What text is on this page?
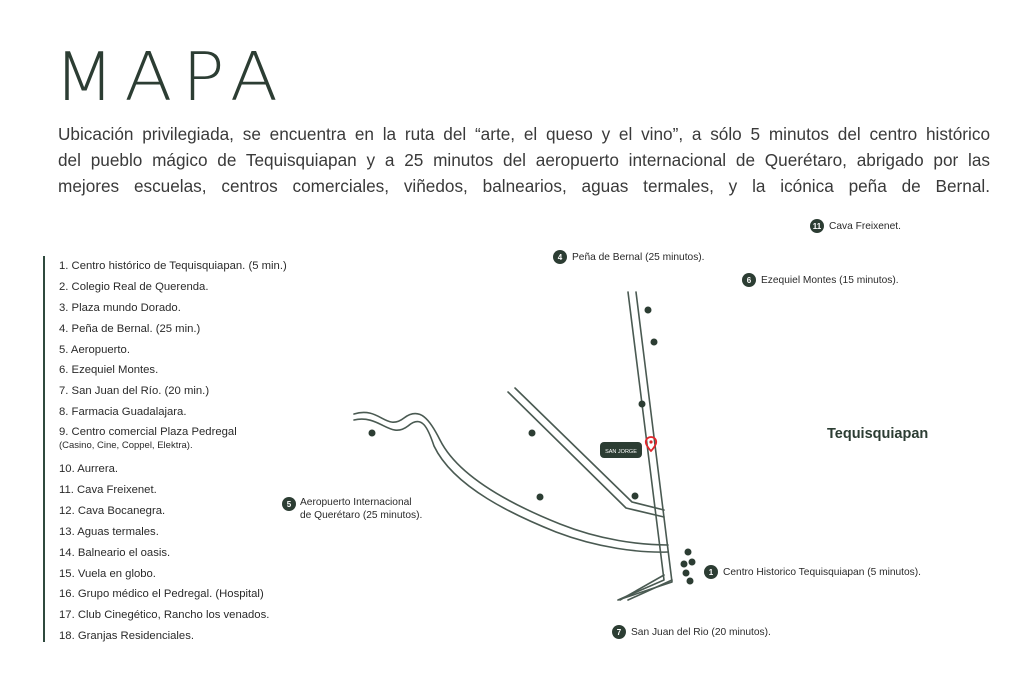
MAPA

Ubicación privilegiada, se encuentra en la ruta del “arte, el queso y el vino”, a sólo 5 minutos del centro histórico
del pueblo mágico de Tequisquiapan y a 25 minutos del aeropuerto internacional de Querétaro, abrigado por las
mejores escuelas, centros comerciales, viñedos, balnearios, aguas termales, y la icónica peña de Bernal.

1. Centro histórico de Tequisquiapan. (5 min.)
2. Colegio Real de Querenda.
3. Plaza mundo Dorado.
4. Peña de Bernal. (25 min.)
5. Aeropuerto.
6. Ezequiel Montes.
7. San Juan del Río. (20 min.)
8. Farmacia Guadalajara.
9. Centro comercial Plaza Pedregal
(Casino, Cine, Coppel, Elektra).
10. Aurrera.
11. Cava Freixenet.
12. Cava Bocanegra.
13. Aguas termales.
14. Balneario el oasis.
15. Vuela en globo.
16. Grupo médico el Pedregal. (Hospital)
17. Club Cinegético, Rancho los venados.
18. Granjas Residenciales.
SAN JORGE
11 Cava Freixenet.
4 Peña de Bernal (25 minutos).
6 Ezequiel Montes (15 minutos).
5 Aeropuerto Internacional
de Querétaro (25 minutos).
1 Centro Historico Tequisquiapan (5 minutos).
7 San Juan del Rio (20 minutos).
Tequisquiapan
